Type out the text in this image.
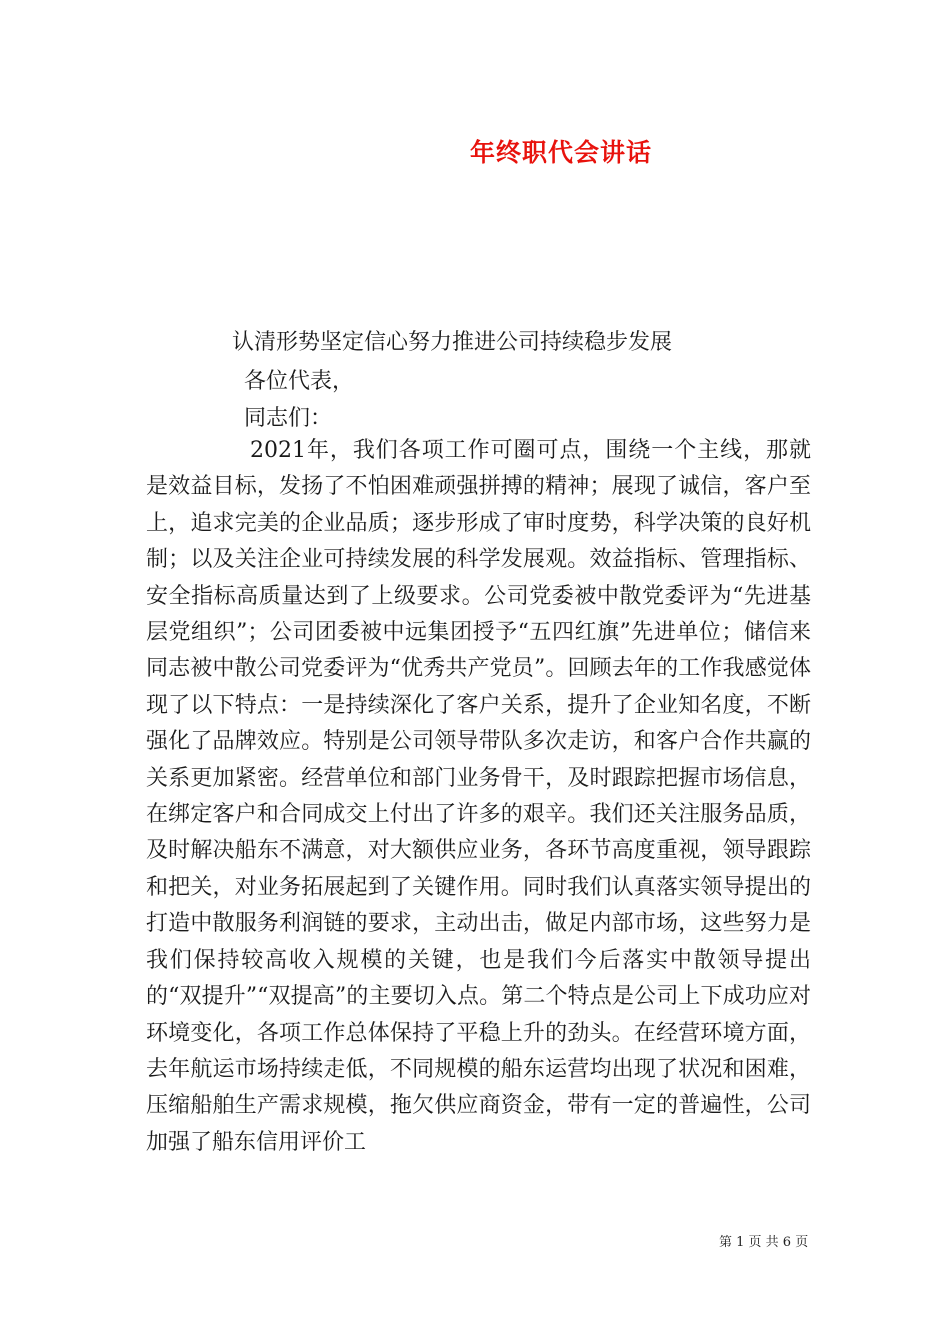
年终职代会讲话
认清形势坚定信心努力推进公司持续稳步发展
各位代表，
同志们：

2021年，我们各项工作可圈可点，围绕一个主线，那就是效益目标，发扬了不怕困难顽强拼搏的精神；展现了诚信，客户至上，追求完美的企业品质；逐步形成了审时度势，科学决策的良好机制；以及关注企业可持续发展的科学发展观。效益指标、管理指标、安全指标高质量达到了上级要求。公司党委被中散党委评为“先进基层党组织”；公司团委被中远集团授予“五四红旗”先进单位；储信来同志被中散公司党委评为“优秀共产党员”。回顾去年的工作我感觉体现了以下特点：一是持续深化了客户关系，提升了企业知名度，不断强化了品牌效应。特别是公司领导带队多次走访，和客户合作共赢的关系更加紧密。经营单位和部门业务骨干，及时跟踪把握市场信息，在绑定客户和合同成交上付出了许多的艰辛。我们还关注服务品质，及时解决船东不满意，对大额供应业务，各环节高度重视，领导跟踪和把关，对业务拓展起到了关键作用。同时我们认真落实领导提出的打造中散服务利润链的要求，主动出击，做足内部市场，这些努力是我们保持较高收入规模的关键，也是我们今后落实中散领导提出的“双提升”“双提高”的主要切入点。第二个特点是公司上下成功应对环境变化，各项工作总体保持了平稳上升的劲头。在经营环境方面，去年航运市场持续走低，不同规模的船东运营均出现了状况和困难，压缩船舶生产需求规模，拖欠供应商资金，带有一定的普遍性，公司加强了船东信用评价工

第 1 页 共 6 页
